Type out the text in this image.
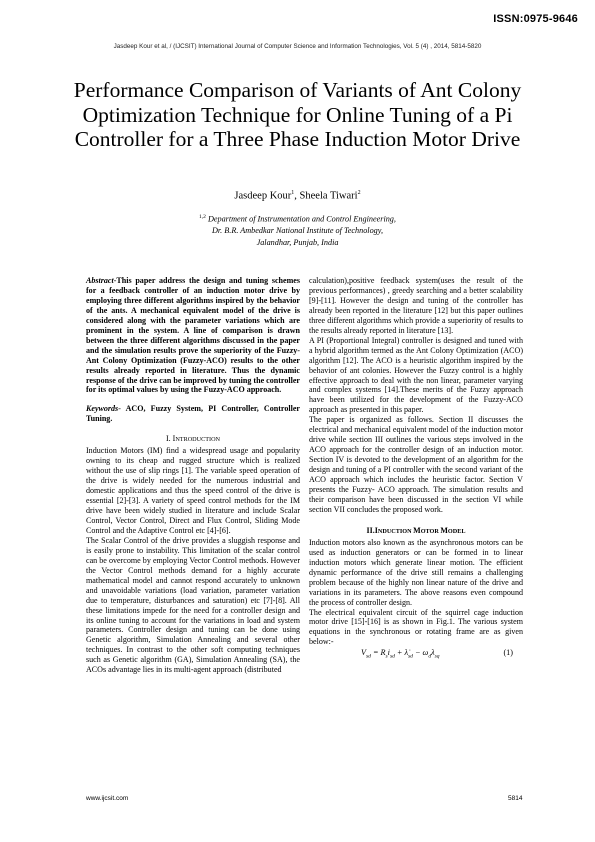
ISSN:0975-9646
Jasdeep Kour et al, / (IJCSIT) International Journal of Computer Science and Information Technologies, Vol. 5 (4) , 2014, 5814-5820
Performance Comparison of Variants of Ant Colony Optimization Technique for Online Tuning of a Pi Controller for a Three Phase Induction Motor Drive
Jasdeep Kour$^1$, Sheela Tiwari$^2$
$^{1,2}$ Department of Instrumentation and Control Engineering,
Dr. B.R. Ambedkar National Institute of Technology,
Jalandhar, Punjab, India

Abstract-This paper address the design and tuning schemes for a feedback controller of an induction motor drive by employing three different algorithms inspired by the behavior of the ants. A mechanical equivalent model of the drive is considered along with the parameter variations which are prominent in the system. A line of comparison is drawn between the three different algorithms discussed in the paper and the simulation results prove the superiority of the Fuzzy-Ant Colony Optimization (Fuzzy-ACO) results to the other results already reported in literature. Thus the dynamic response of the drive can be improved by tuning the controller for its optimal values by using the Fuzzy-ACO approach.

Keywords- ACO, Fuzzy System, PI Controller, Controller Tuning.

I. INTRODUCTION

Induction Motors (IM) find a widespread usage and popularity owning to its cheap and rugged structure which is realized without the use of slip rings [1]. The variable speed operation of the drive is widely needed for the numerous industrial and domestic applications and thus the speed control of the drive is essential [2]-[3]. A variety of speed control methods for the IM drive have been widely studied in literature and include Scalar Control, Vector Control, Direct and Flux Control, Sliding Mode Control and the Adaptive Control etc [4]-[6].

The Scalar Control of the drive provides a sluggish response and is easily prone to instability. This limitation of the scalar control can be overcome by employing Vector Control methods. However the Vector Control methods demand for a highly accurate mathematical model and cannot respond accurately to unknown and unavoidable variations (load variation, parameter variation due to temperature, disturbances and saturation) etc [7]-[8]. All these limitations impede for the need for a controller design and its online tuning to account for the variations in load and system parameters. Controller design and tuning can be done using Genetic algorithm, Simulation Annealing and several other techniques. In contrast to the other soft computing techniques such as Genetic algorithm (GA), Simulation Annealing (SA), the ACOs advantage lies in its multi-agent approach (distributed

calculation),positive feedback system(uses the result of the previous performances) , greedy searching and a better scalability [9]-[11]. However the design and tuning of the controller has already been reported in the literature [12] but this paper outlines three different algorithms which provide a superiority of results to the results already reported in literature [13].

A PI (Proportional Integral) controller is designed and tuned with a hybrid algorithm termed as the Ant Colony Optimization (ACO) algorithm [12]. The ACO is a heuristic algorithm inspired by the behavior of ant colonies. However the Fuzzy control is a highly effective approach to deal with the non linear, parameter varying and complex systems [14].These merits of the Fuzzy approach have been utilized for the development of the Fuzzy-ACO approach as presented in this paper.

The paper is organized as follows. Section II discusses the electrical and mechanical equivalent model of the induction motor drive while section III outlines the various steps involved in the ACO approach for the controller design of an induction motor. Section IV is devoted to the development of an algorithm for the design and tuning of a PI controller with the second variant of the ACO approach which includes the heuristic factor. Section V presents the Fuzzy- ACO approach. The simulation results and their comparison have been discussed in the section VI while section VII concludes the proposed work.

II.INDUCTION MOTOR MODEL

Induction motors also known as the asynchronous motors can be used as induction generators or can be formed in to linear induction motors which generate linear motion. The efficient dynamic performance of the drive still remains a challenging problem because of the highly non linear nature of the drive and variations in its parameters. The above reasons even compound the process of controller design.

The electrical equivalent circuit of the squirrel cage induction motor drive [15]-[16] is as shown in Fig.1. The various system equations in the synchronous or rotating frame are as given below:-

$V_{sd} = R_si_{sd}$ + $\lambdȧ_{sd} - \omega_d\lambda_{sq}$	(1)
www.ijcsit.com	5814
